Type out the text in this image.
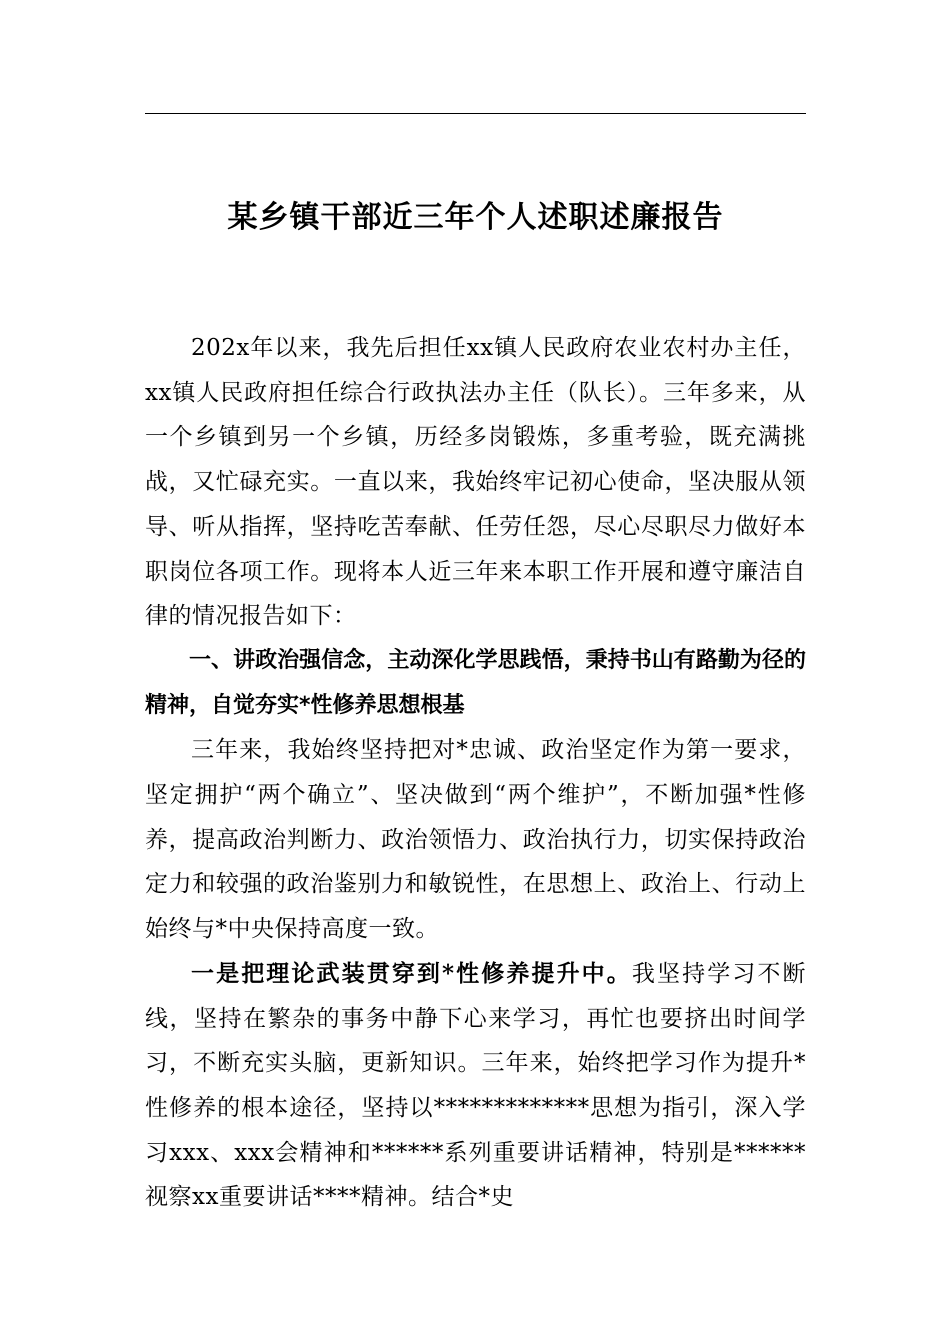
某乡镇干部近三年个人述职述廉报告

202x年以来，我先后担任xx镇人民政府农业农村办主任，xx镇人民政府担任综合行政执法办主任（队长）。三年多来，从一个乡镇到另一个乡镇，历经多岗锻炼，多重考验，既充满挑战，又忙碌充实。一直以来，我始终牢记初心使命，坚决服从领导、听从指挥，坚持吃苦奉献、任劳任怨，尽心尽职尽力做好本职岗位各项工作。现将本人近三年来本职工作开展和遵守廉洁自律的情况报告如下：

一、讲政治强信念，主动深化学思践悟，秉持书山有路勤为径的精神，自觉夯实*性修养思想根基

三年来，我始终坚持把对*忠诚、政治坚定作为第一要求，坚定拥护“两个确立”、坚决做到“两个维护”，不断加强*性修养，提高政治判断力、政治领悟力、政治执行力，切实保持政治定力和较强的政治鉴别力和敏锐性，在思想上、政治上、行动上始终与*中央保持高度一致。

一是把理论武装贯穿到*性修养提升中。我坚持学习不断线，坚持在繁杂的事务中静下心来学习，再忙也要挤出时间学习，不断充实头脑，更新知识。三年来，始终把学习作为提升*性修养的根本途径，坚持以*************思想为指引，深入学习xxx、xxx会精神和******系列重要讲话精神，特别是******视察xx重要讲话****精神。结合*史
